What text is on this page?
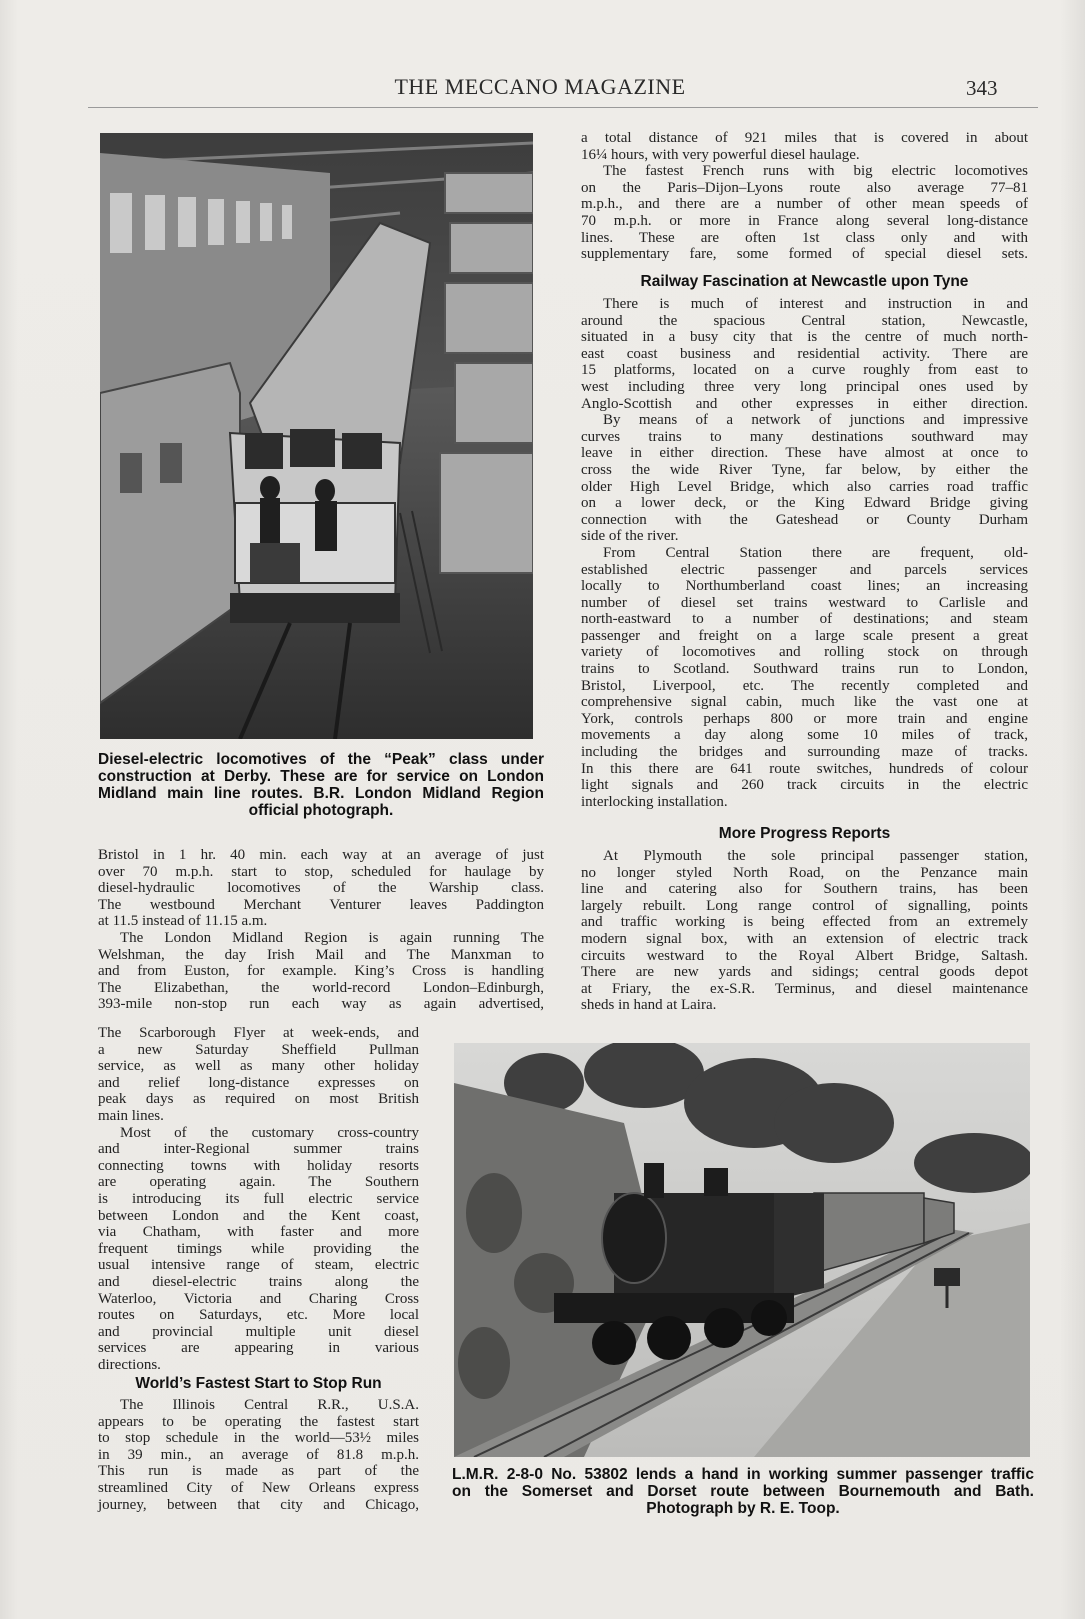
THE MECCANO MAGAZINE	343

Diesel-electric locomotives of the “Peak” class under
construction at Derby. These are for service on London
Midland main line routes. B.R. London Midland Region
official photograph.

a total distance of 921 miles that is covered in about
16¼ hours, with very powerful diesel haulage.
The fastest French runs with big electric locomotives
on the Paris–Dijon–Lyons route also average 77–81
m.p.h., and there are a number of other mean speeds of
70 m.p.h. or more in France along several long-distance
lines. These are often 1st class only and with
supplementary fare, some formed of special diesel sets.
Railway Fascination at Newcastle upon Tyne
There is much of interest and instruction in and
around the spacious Central station, Newcastle,
situated in a busy city that is the centre of much north-
east coast business and residential activity. There are
15 platforms, located on a curve roughly from east to
west including three very long principal ones used by
Anglo-Scottish and other expresses in either direction.
By means of a network of junctions and impressive
curves trains to many destinations southward may
leave in either direction. These have almost at once to
cross the wide River Tyne, far below, by either the
older High Level Bridge, which also carries road traffic
on a lower deck, or the King Edward Bridge giving
connection with the Gateshead or County Durham
side of the river.
From Central Station there are frequent, old-
established electric passenger and parcels services
locally to Northumberland coast lines; an increasing
number of diesel set trains westward to Carlisle and
north-eastward to a number of destinations; and steam
passenger and freight on a large scale present a great
variety of locomotives and rolling stock on through
trains to Scotland. Southward trains run to London,
Bristol, Liverpool, etc. The recently completed and
comprehensive signal cabin, much like the vast one at
York, controls perhaps 800 or more train and engine
movements a day along some 10 miles of track,
including the bridges and surrounding maze of tracks.
In this there are 641 route switches, hundreds of colour
light signals and 260 track circuits in the electric
interlocking installation.
More Progress Reports
At Plymouth the sole principal passenger station,
no longer styled North Road, on the Penzance main
line and catering also for Southern trains, has been
largely rebuilt. Long range control of signalling, points
and traffic working is being effected from an extremely
modern signal box, with an extension of electric track
circuits westward to the Royal Albert Bridge, Saltash.
There are new yards and sidings; central goods depot
at Friary, the ex-S.R. Terminus, and diesel maintenance
sheds in hand at Laira.
Bristol in 1 hr. 40 min. each way at an average of just
over 70 m.p.h. start to stop, scheduled for haulage by
diesel-hydraulic locomotives of the Warship class.
The westbound Merchant Venturer leaves Paddington
at 11.5 instead of 11.15 a.m.
The London Midland Region is again running The
Welshman, the day Irish Mail and The Manxman to
and from Euston, for example. King’s Cross is handling
The Elizabethan, the world-record London–Edinburgh,
393-mile non-stop run each way as again advertised,
The Scarborough Flyer at week-ends, and
a new Saturday Sheffield Pullman
service, as well as many other holiday
and relief long-distance expresses on
peak days as required on most British
main lines.
Most of the customary cross-country
and inter-Regional summer trains
connecting towns with holiday resorts
are operating again. The Southern
is introducing its full electric service
between London and the Kent coast,
via Chatham, with faster and more
frequent timings while providing the
usual intensive range of steam, electric
and diesel-electric trains along the
Waterloo, Victoria and Charing Cross
routes on Saturdays, etc. More local
and provincial multiple unit diesel
services are appearing in various
directions.
World’s Fastest Start to Stop Run
The Illinois Central R.R., U.S.A.
appears to be operating the fastest start
to stop schedule in the world—53½ miles
in 39 min., an average of 81.8 m.p.h.
This run is made as part of the
streamlined City of New Orleans express
journey, between that city and Chicago,

L.M.R. 2-8-0 No. 53802 lends a hand in working summer passenger traffic
on the Somerset and Dorset route between Bournemouth and Bath.
Photograph by R. E. Toop.
